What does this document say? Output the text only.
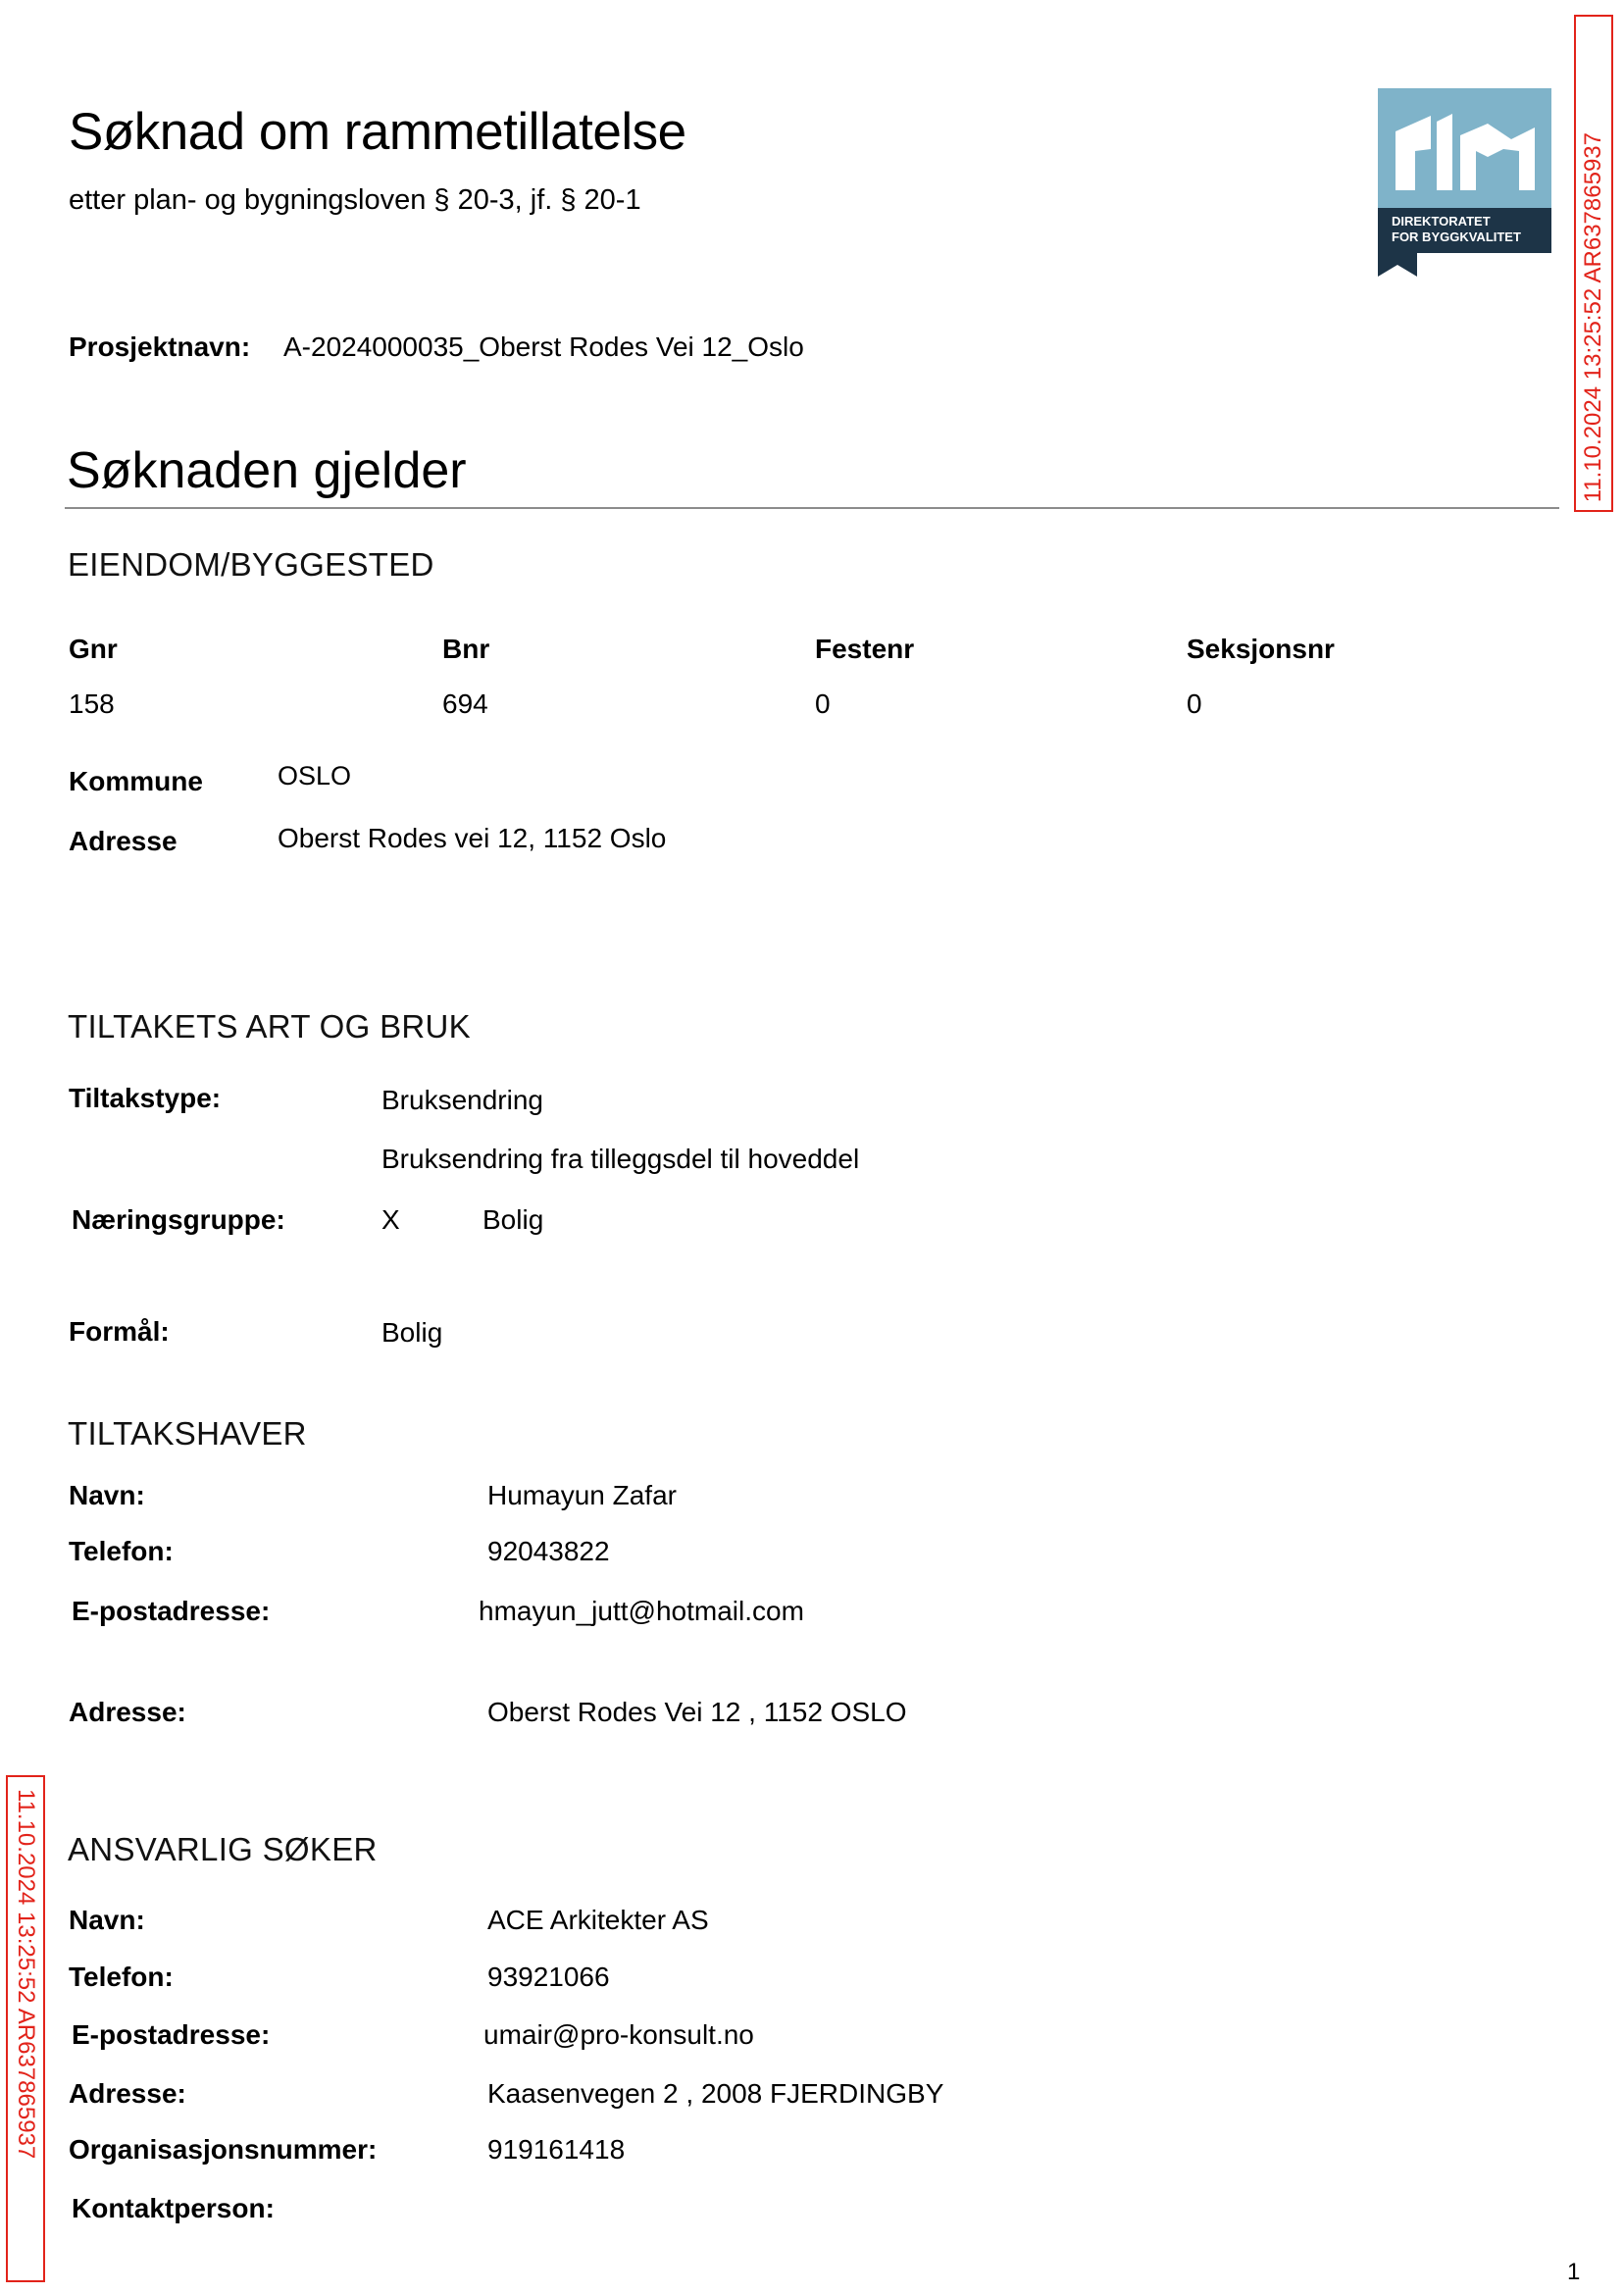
Søknad om rammetillatelse
etter plan- og bygningsloven § 20-3, jf. § 20-1
DIREKTORATET
FOR BYGGKVALITET	11.10.2024 13:25:52 AR637865937
Prosjektnavn: A-2024000035_Oberst Rodes Vei 12_Oslo
Søknaden gjelder
EIENDOM/BYGGESTED
Gnr	Bnr	Festenr	Seksjonsnr
158	694	0	0
Kommune	OSLO
Adresse	Oberst Rodes vei 12, 1152 Oslo
TILTAKETS ART OG BRUK
Tiltakstype:	Bruksendring
Bruksendring fra tilleggsdel til hoveddel
Næringsgruppe:	X	Bolig
Formål:	Bolig
TILTAKSHAVER
Navn:	Humayun Zafar
Telefon:	92043822
E-postadresse:	hmayun_jutt@hotmail.com
Adresse:	Oberst Rodes Vei 12 , 1152 OSLO
11.10.2024 13:25:52 AR637865937 ANSVARLIG SØKER
Navn:	ACE Arkitekter AS
Telefon:	93921066
E-postadresse:	umair@pro-konsult.no
Adresse:	Kaasenvegen 2 , 2008 FJERDINGBY
Organisasjonsnummer:	919161418
Kontaktperson:
1
